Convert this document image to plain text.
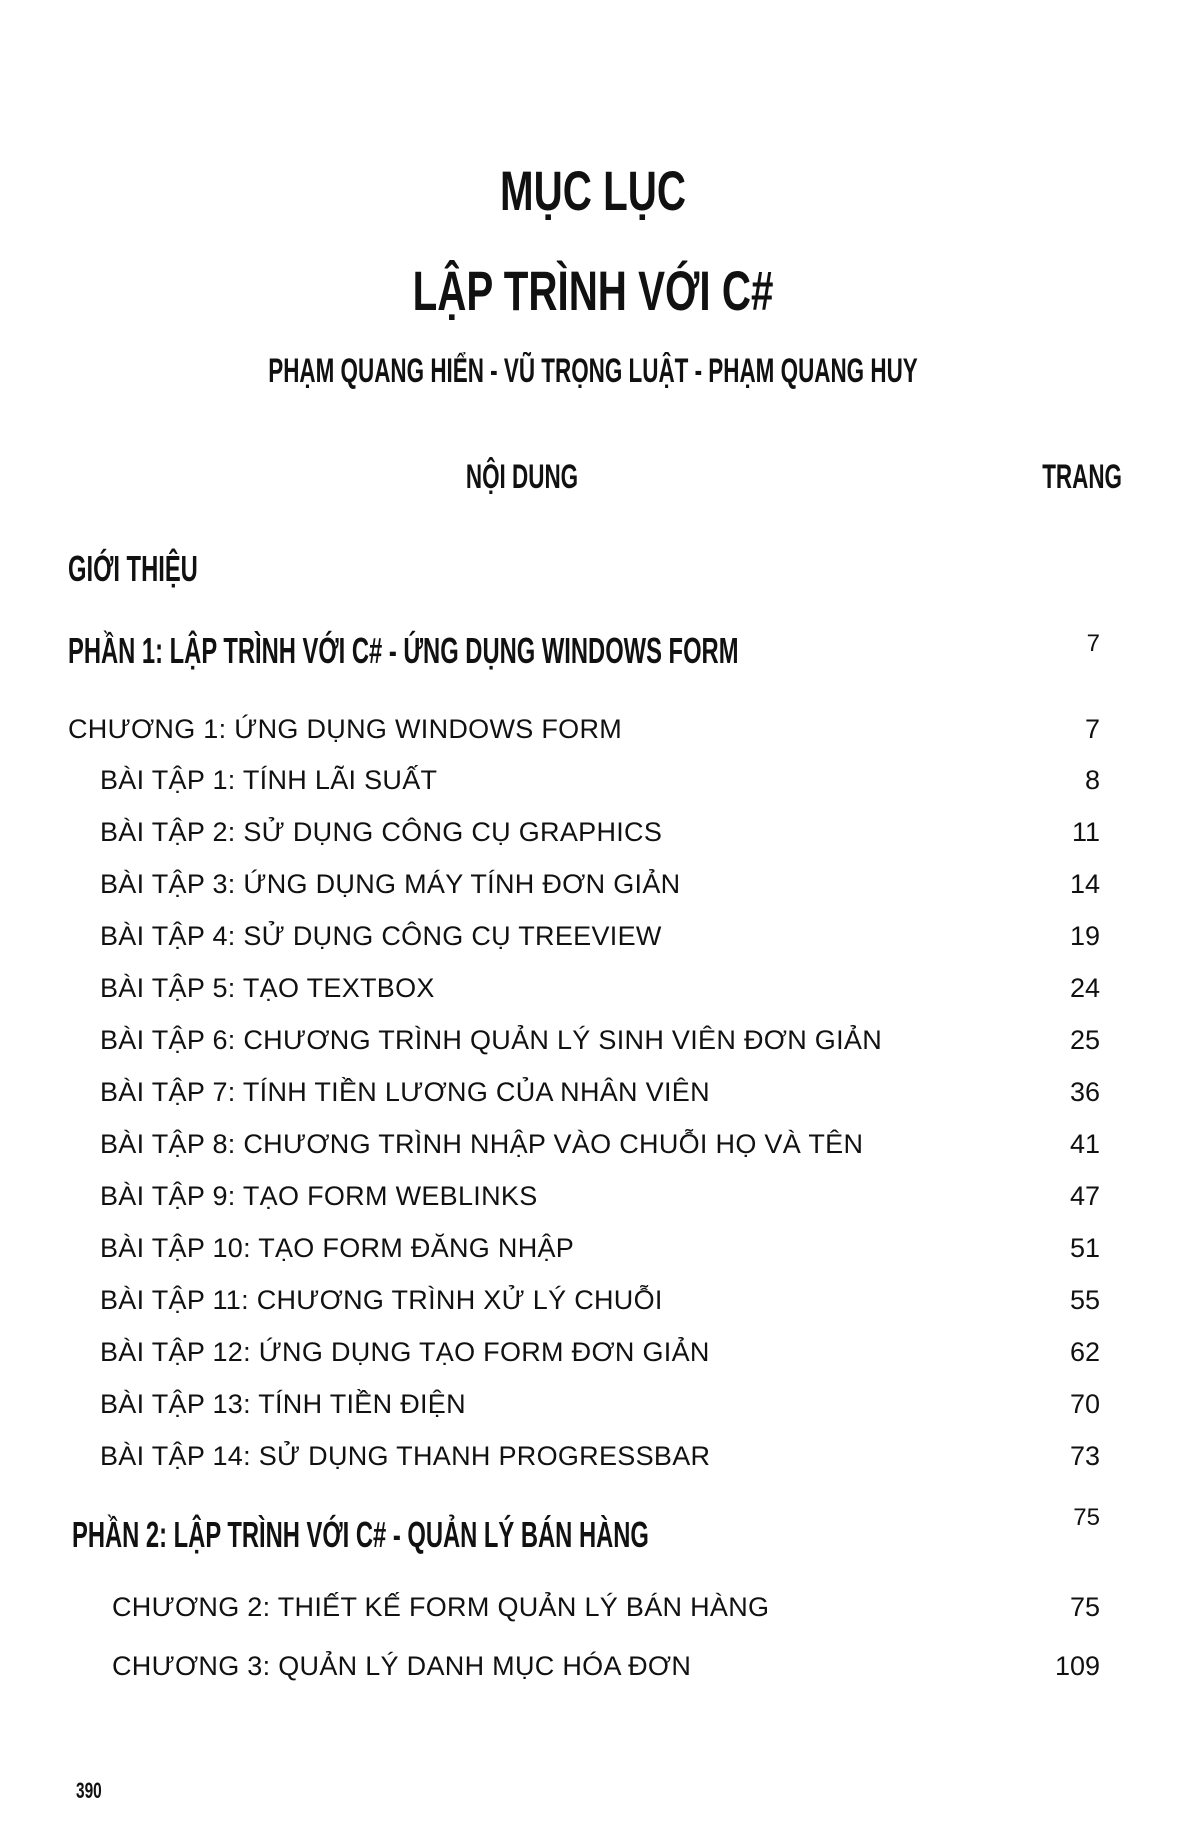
MỤC LỤC
LẬP TRÌNH VỚI C#
PHẠM QUANG HIỂN - VŨ TRỌNG LUẬT - PHẠM QUANG HUY
NỘI DUNG	TRANG
GIỚI THIỆU
PHẦN 1: LẬP TRÌNH VỚI C# - ỨNG DỤNG WINDOWS FORM	7
CHƯƠNG 1: ỨNG DỤNG WINDOWS FORM	7
BÀI TẬP 1: TÍNH LÃI SUẤT	8
BÀI TẬP 2: SỬ DỤNG CÔNG CỤ GRAPHICS	11
BÀI TẬP 3: ỨNG DỤNG MÁY TÍNH ĐƠN GIẢN	14
BÀI TẬP 4: SỬ DỤNG CÔNG CỤ TREEVIEW	19
BÀI TẬP 5: TẠO TEXTBOX	24
BÀI TẬP 6: CHƯƠNG TRÌNH QUẢN LÝ SINH VIÊN ĐƠN GIẢN	25
BÀI TẬP 7: TÍNH TIỀN LƯƠNG CỦA NHÂN VIÊN	36
BÀI TẬP 8: CHƯƠNG TRÌNH NHẬP VÀO CHUỖI HỌ VÀ TÊN	41
BÀI TẬP 9: TẠO FORM WEBLINKS	47
BÀI TẬP 10: TẠO FORM ĐĂNG NHẬP	51
BÀI TẬP 11: CHƯƠNG TRÌNH XỬ LÝ CHUỖI	55
BÀI TẬP 12: ỨNG DỤNG TẠO FORM ĐƠN GIẢN	62
BÀI TẬP 13: TÍNH TIỀN ĐIỆN	70
BÀI TẬP 14: SỬ DỤNG THANH PROGRESSBAR	73
PHẦN 2: LẬP TRÌNH VỚI C# - QUẢN LÝ BÁN HÀNG	75
CHƯƠNG 2: THIẾT KẾ FORM QUẢN LÝ BÁN HÀNG	75
CHƯƠNG 3: QUẢN LÝ DANH MỤC HÓA ĐƠN	109
390
